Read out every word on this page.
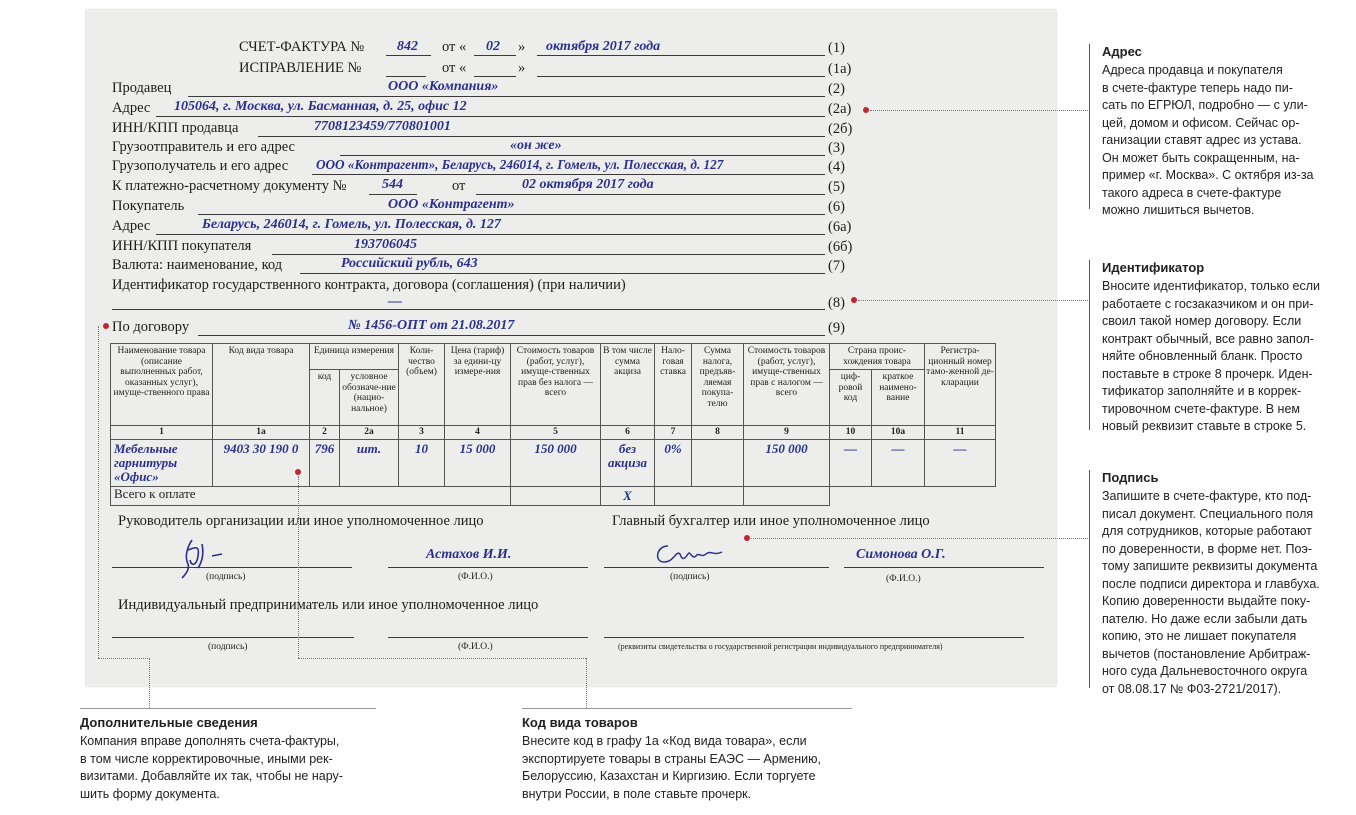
СЧЕТ-ФАКТУРА № 842 от « 02 » октября 2017 года	(1)
ИСПРАВЛЕНИЕ №	от «	»	(1а)
Продавец	ООО «Компания»	(2)
Адрес 105064, г. Москва, ул. Басманная, д. 25, офис 12	(2а)
ИНН/КПП продавца	7708123459/770801001	(2б)
Грузоотправитель и его адрес	«он же»	(3)
Грузополучатель и его адрес ООО «Контрагент», Беларусь, 246014, г. Гомель, ул. Полесская, д. 127	(4)
К платежно-расчетному документу №	544	от	02 октября 2017 года	(5)
Покупатель	ООО «Контрагент»	(6)
Адрес	Беларусь, 246014, г. Гомель, ул. Полесская, д. 127	(6а)
ИНН/КПП покупателя	193706045	(6б)
Валюта: наименование, код	Российский рубль, 643	(7)
Идентификатор государственного контракта, договора (соглашения) (при наличии)
—	(8)
По договору	№ 1456-ОПТ от 21.08.2017	(9)
Наименование товара (описание выполненных работ, оказанных услуг), имуще-ственного права	Код вида товара	Единица измерения		Коли-чество (объем)	Цена (тариф) за едини-цу измере-ния	Стоимость товаров (работ, услуг), имуще-ственных прав без налога — всего	В том числе сумма акциза	Нало-говая ставка	Сумма налога, предъяв-ляемая покупа-телю	Стоимость товаров (работ, услуг), имуще-ственных прав с налогом — всего	Страна проис-хождения товара		Регистра-ционный номер тамо-женной де-кларации
		код	условное обозначе-ние (нацио-нальное)								циф-ровой код	краткое наимено-вание	
1	1а	2	2а	3	4	5	6	7	8	9	10	10а	11
Мебельные гарнитуры «Офис»	9403 30 190 0	796	шт.	10	15 000	150 000	без акциза	0%		150 000	—	—	—
Всего к оплате							X						
Руководитель организации или иное уполномоченное лицо	Главный бухгалтер или иное уполномоченное лицо
(подпись)
Астахов И.И.
(Ф.И.О.)	(подпись)
Симонова О.Г.
(Ф.И.О.)
Индивидуальный предприниматель или иное уполномоченное лицо
(подпись)	(Ф.И.О.)	(реквизиты свидетельства о государственной регистрации индивидуального предпринимателя)
Адрес

Адреса продавца и покупателя
в счете-фактуре теперь надо пи-
сать по ЕГРЮЛ, подробно — с ули-
цей, домом и офисом. Сейчас ор-
ганизации ставят адрес из устава.
Он может быть сокращенным, на-
пример «г. Москва». С октября из-за
такого адреса в счете-фактуре
можно лишиться вычетов.

Идентификатор

Вносите идентификатор, только если
работаете с госзаказчиком и он при-
своил такой номер договору. Если
контракт обычный, все равно запол-
няйте обновленный бланк. Просто
поставьте в строке 8 прочерк. Иден-
тификатор заполняйте и в коррек-
тировочном счете-фактуре. В нем
новый реквизит ставьте в строке 5.

Подпись

Запишите в счете-фактуре, кто под-
писал документ. Специального поля
для сотрудников, которые работают
по доверенности, в форме нет. Поэ-
тому запишите реквизиты документа
после подписи директора и главбуха.
Копию доверенности выдайте поку-
пателю. Но даже если забыли дать
копию, это не лишает покупателя
вычетов (постановление Арбитраж-
ного суда Дальневосточного округа
от 08.08.17 № Ф03-2721/2017).

Дополнительные сведения

Компания вправе дополнять счета-фактуры,
в том числе корректировочные, иными рек-
визитами. Добавляйте их так, чтобы не нару-
шить форму документа.

Код вида товаров

Внесите код в графу 1а «Код вида товара», если
экспортируете товары в страны ЕАЭС — Армению,
Белоруссию, Казахстан и Киргизию. Если торгуете
внутри России, в поле ставьте прочерк.
